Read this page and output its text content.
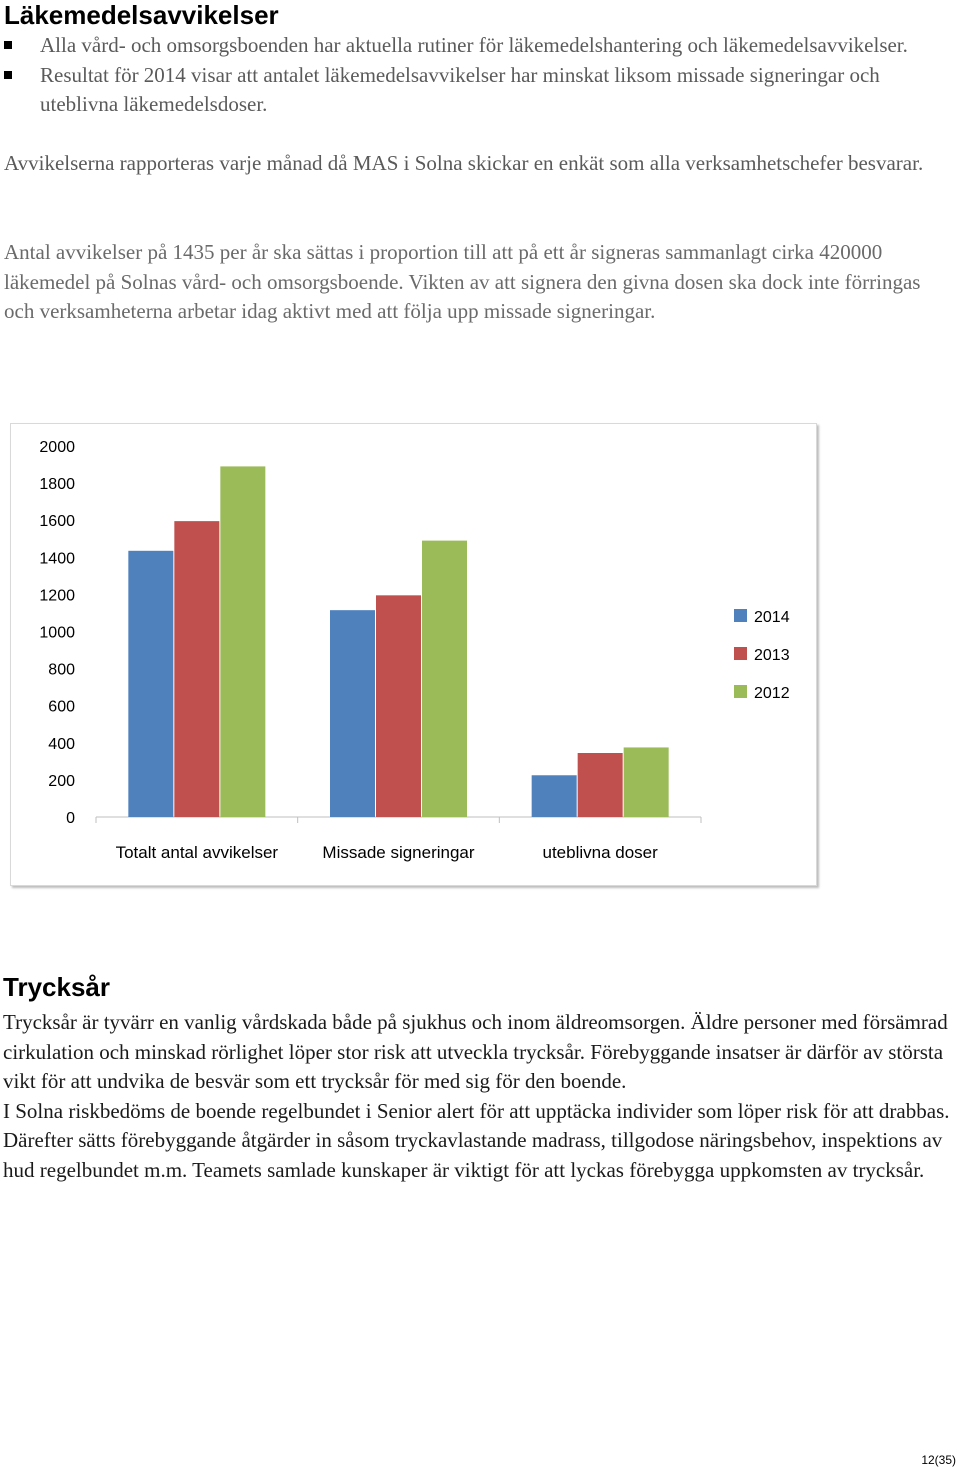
Läkemedelsavvikelser
Alla vård- och omsorgsboenden har aktuella rutiner för läkemedelshantering och läkemedelsavvikelser.
Resultat för 2014 visar att antalet läkemedelsavvikelser har minskat liksom missade signeringar och uteblivna läkemedelsdoser.

Avvikelserna rapporteras varje månad då MAS i Solna skickar en enkät som alla verksamhetschefer besvarar.

Antal avvikelser på 1435 per år ska sättas i proportion till att på ett år signeras sammanlagt cirka 420000 läkemedel på Solnas vård- och omsorgsboende. Vikten av att signera den givna dosen ska dock inte förringas och verksamheterna arbetar idag aktivt med att följa upp missade signeringar.

0
200
400
600
800
1000
1200
1400
1600
1800
2000
Totalt antal avvikelser	Missade signeringar	uteblivna doser
2014
2013
2012
Trycksår
Trycksår är tyvärr en vanlig vårdskada både på sjukhus och inom äldreomsorgen. Äldre personer med försämrad cirkulation och minskad rörlighet löper stor risk att utveckla trycksår. Förebyggande insatser är därför av största vikt för att undvika de besvär som ett trycksår för med sig för den boende.
I Solna riskbedöms de boende regelbundet i Senior alert för att upptäcka individer som löper risk för att drabbas.
Därefter sätts förebyggande åtgärder in såsom tryckavlastande madrass, tillgodose näringsbehov, inspektions av hud regelbundet m.m. Teamets samlade kunskaper är viktigt för att lyckas förebygga uppkomsten av trycksår.
12(35)
